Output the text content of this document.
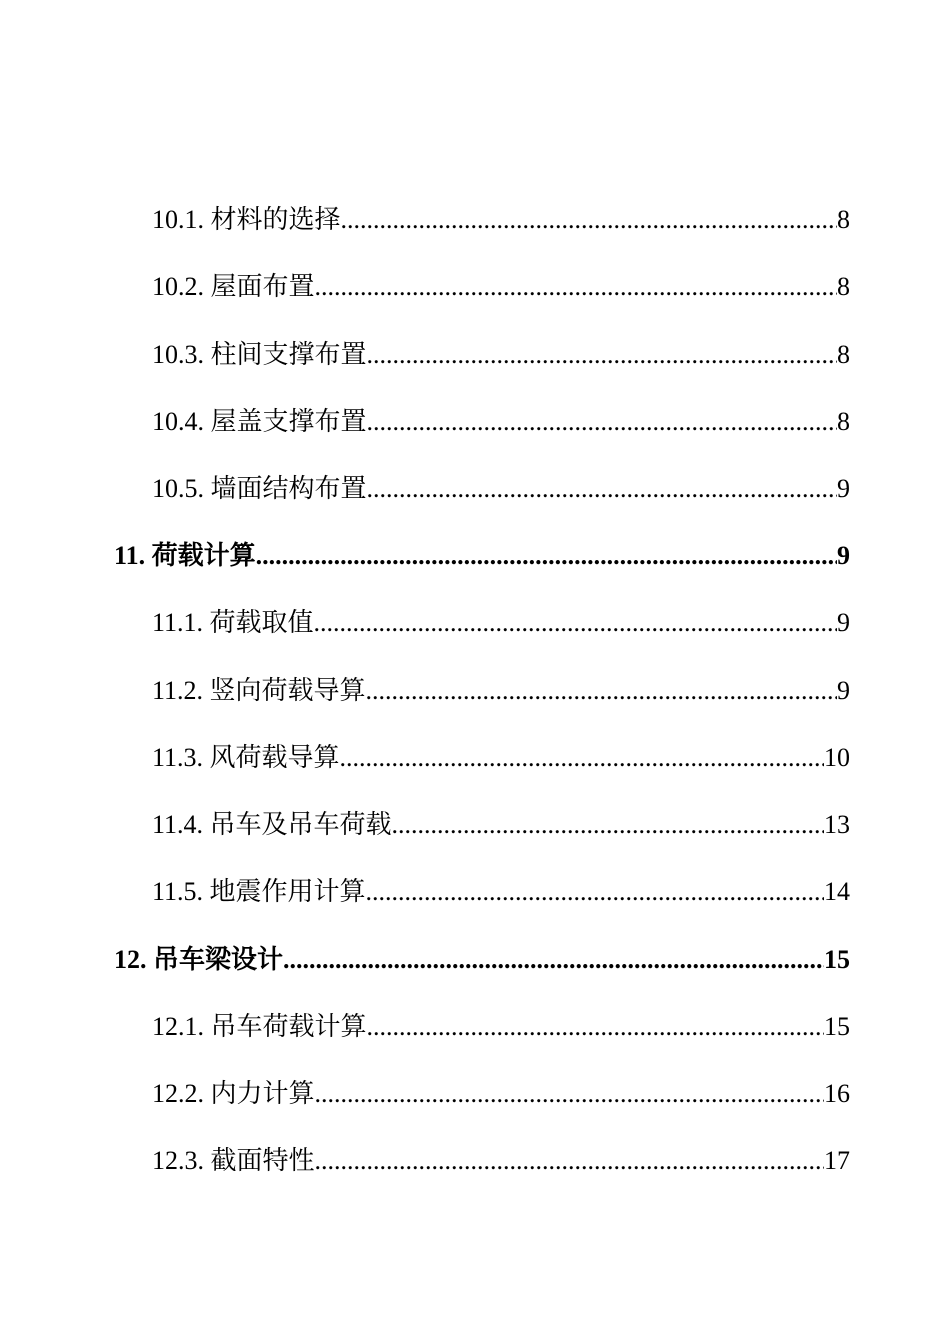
10.1. 材料的选择 .....	8
10.2. 屋面布置 .....	8
10.3. 柱间支撑布置 .....	8
10.4. 屋盖支撑布置 .....	8
10.5. 墙面结构布置 .....	9
11. 荷载计算 .....	9
11.1. 荷载取值 .....	9
11.2. 竖向荷载导算 .....	9
11.3. 风荷载导算 .....	10
11.4. 吊车及吊车荷载 .....	13
11.5. 地震作用计算 .....	14
12. 吊车梁设计 .....	15
12.1. 吊车荷载计算 .....	15
12.2. 内力计算 .....	16
12.3. 截面特性 .....	17
